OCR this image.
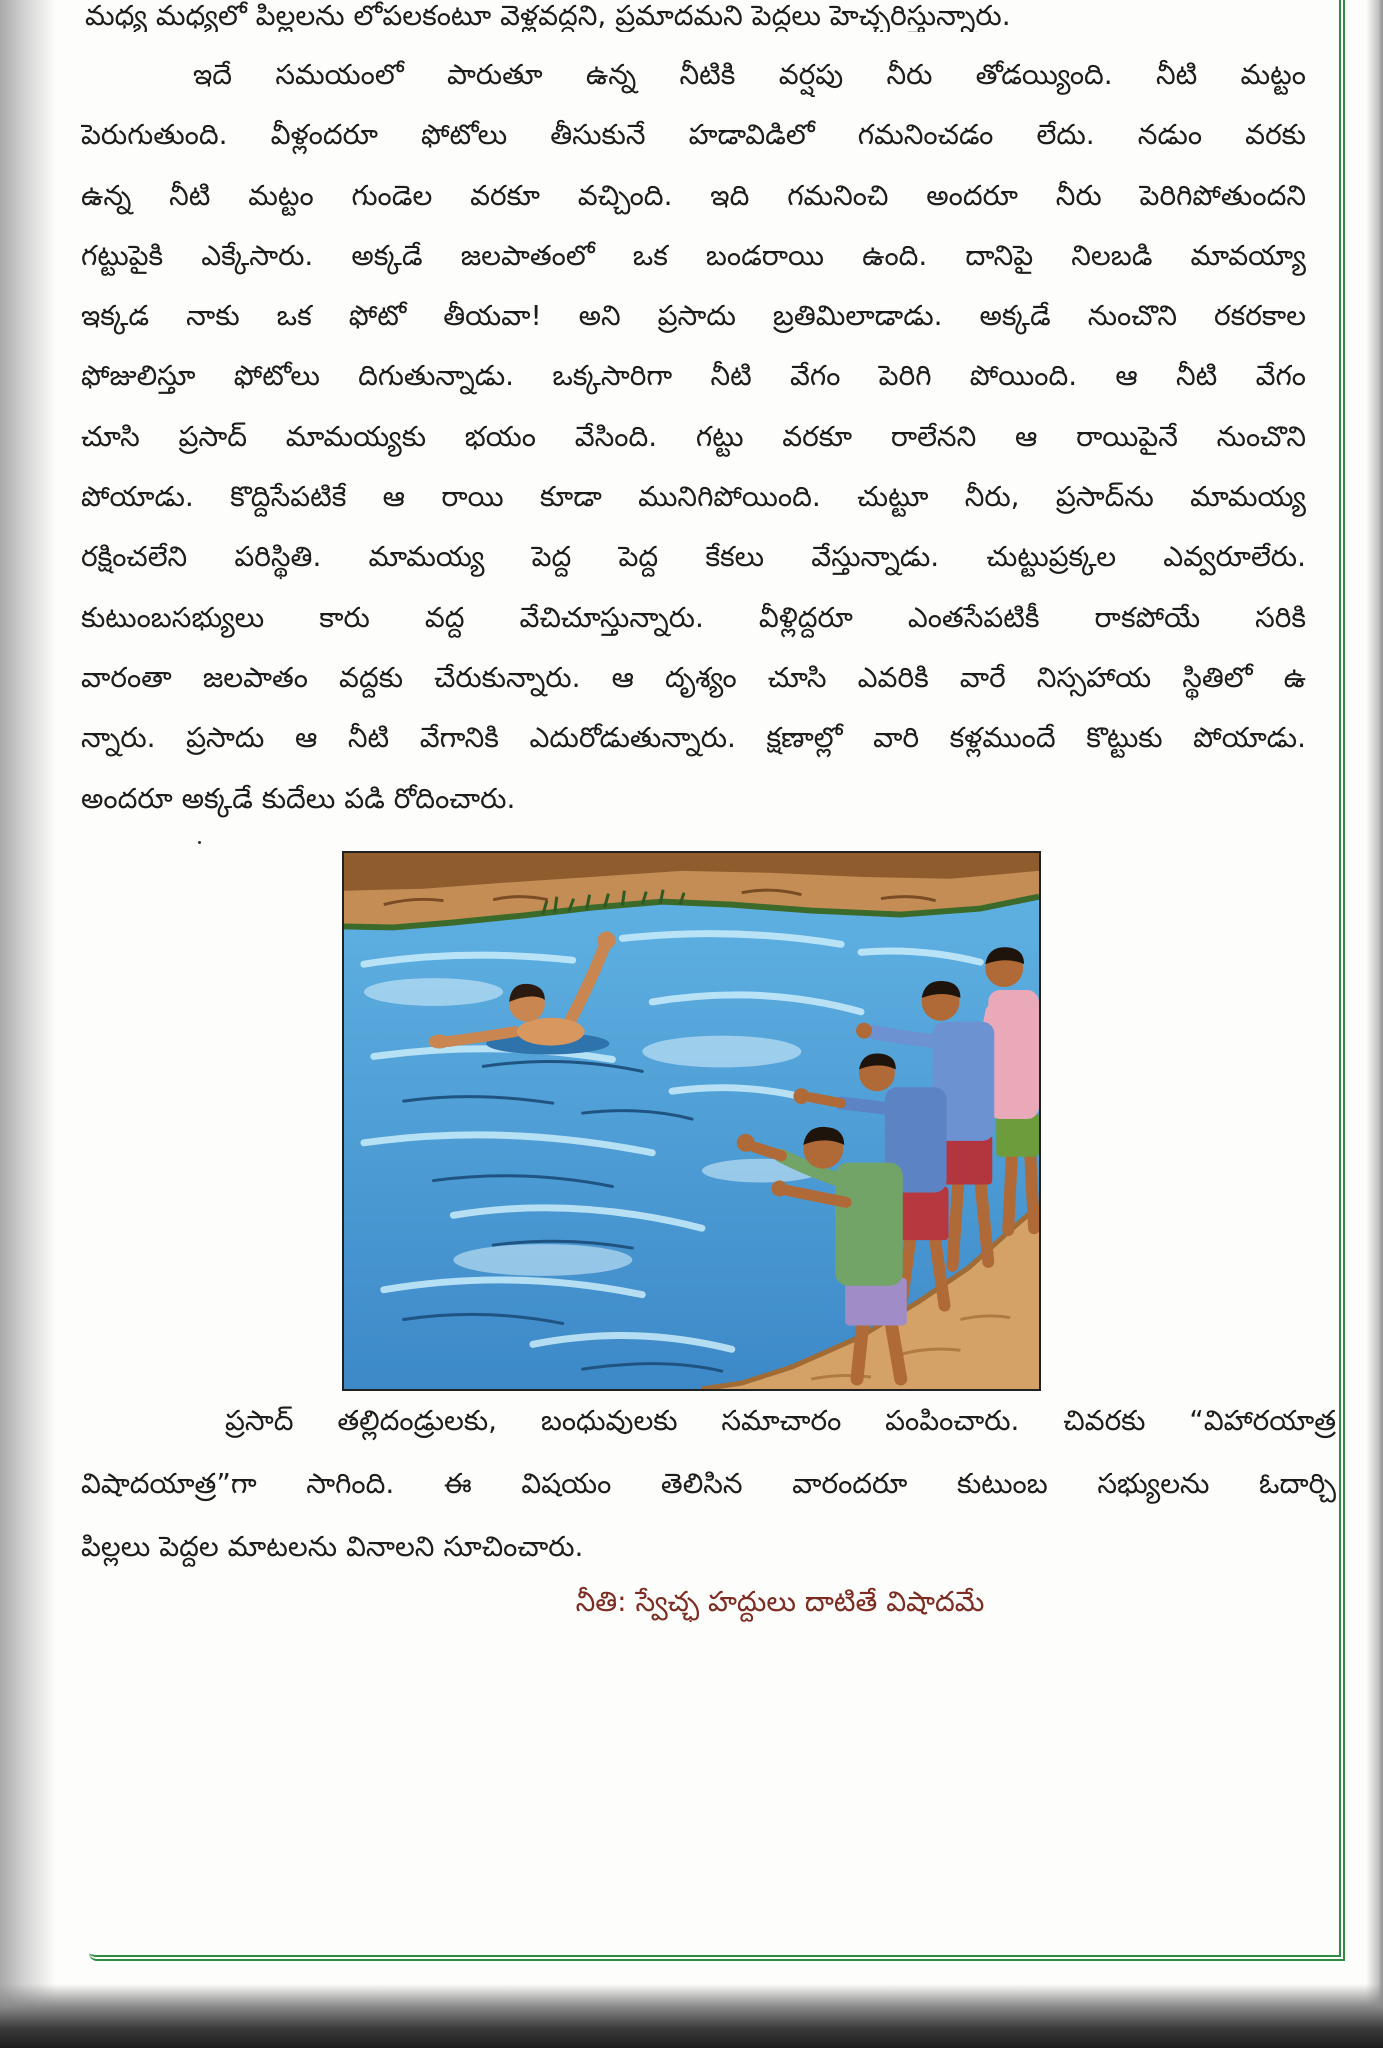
మధ్య మధ్యలో పిల్లలను లోపలకంటూ వెళ్లవద్దని, ప్రమాదమని పెద్దలు హెచ్చరిస్తున్నారు.
ఇదే సమయంలో పారుతూ ఉన్న నీటికి వర్షపు నీరు తోడయ్యింది. నీటి మట్టం
పెరుగుతుంది. వీళ్లందరూ ఫోటోలు తీసుకునే హడావిడిలో గమనించడం లేదు. నడుం వరకు
ఉన్న నీటి మట్టం గుండెల వరకూ వచ్చింది. ఇది గమనించి అందరూ నీరు పెరిగిపోతుందని
గట్టుపైకి ఎక్కేసారు. అక్కడే జలపాతంలో ఒక బండరాయి ఉంది. దానిపై నిలబడి మావయ్యా
ఇక్కడ నాకు ఒక ఫోటో తీయవా! అని ప్రసాదు బ్రతిమిలాడాడు. అక్కడే నుంచొని రకరకాల
ఫోజులిస్తూ ఫోటోలు దిగుతున్నాడు. ఒక్కసారిగా నీటి వేగం పెరిగి పోయింది. ఆ నీటి వేగం
చూసి ప్రసాద్ మామయ్యకు భయం వేసింది. గట్టు వరకూ రాలేనని ఆ రాయిపైనే నుంచొని
పోయాడు. కొద్దిసేపటికే ఆ రాయి కూడా మునిగిపోయింది. చుట్టూ నీరు, ప్రసాద్‌ను మామయ్య
రక్షించలేని పరిస్థితి. మామయ్య పెద్ద పెద్ద కేకలు వేస్తున్నాడు. చుట్టుప్రక్కల ఎవ్వరూలేరు.
కుటుంబసభ్యులు కారు వద్ద వేచిచూస్తున్నారు. వీళ్లిద్దరూ ఎంతసేపటికీ రాకపోయే సరికి
వారంతా జలపాతం వద్దకు చేరుకున్నారు. ఆ దృశ్యం చూసి ఎవరికి వారే నిస్సహాయ స్థితిలో ఉ
న్నారు. ప్రసాదు ఆ నీటి వేగానికి ఎదురోడుతున్నారు. క్షణాల్లో వారి కళ్లముందే కొట్టుకు పోయాడు.
అందరూ అక్కడే కుదేలు పడి రోదించారు.
ప్రసాద్ తల్లిదండ్రులకు, బంధువులకు సమాచారం పంపించారు. చివరకు “విహారయాత్ర
విషాదయాత్ర”గా సాగింది. ఈ విషయం తెలిసిన వారందరూ కుటుంబ సభ్యులను ఓదార్చి
పిల్లలు పెద్దల మాటలను వినాలని సూచించారు.
నీతి: స్వేచ్ఛ హద్దులు దాటితే విషాదమే
